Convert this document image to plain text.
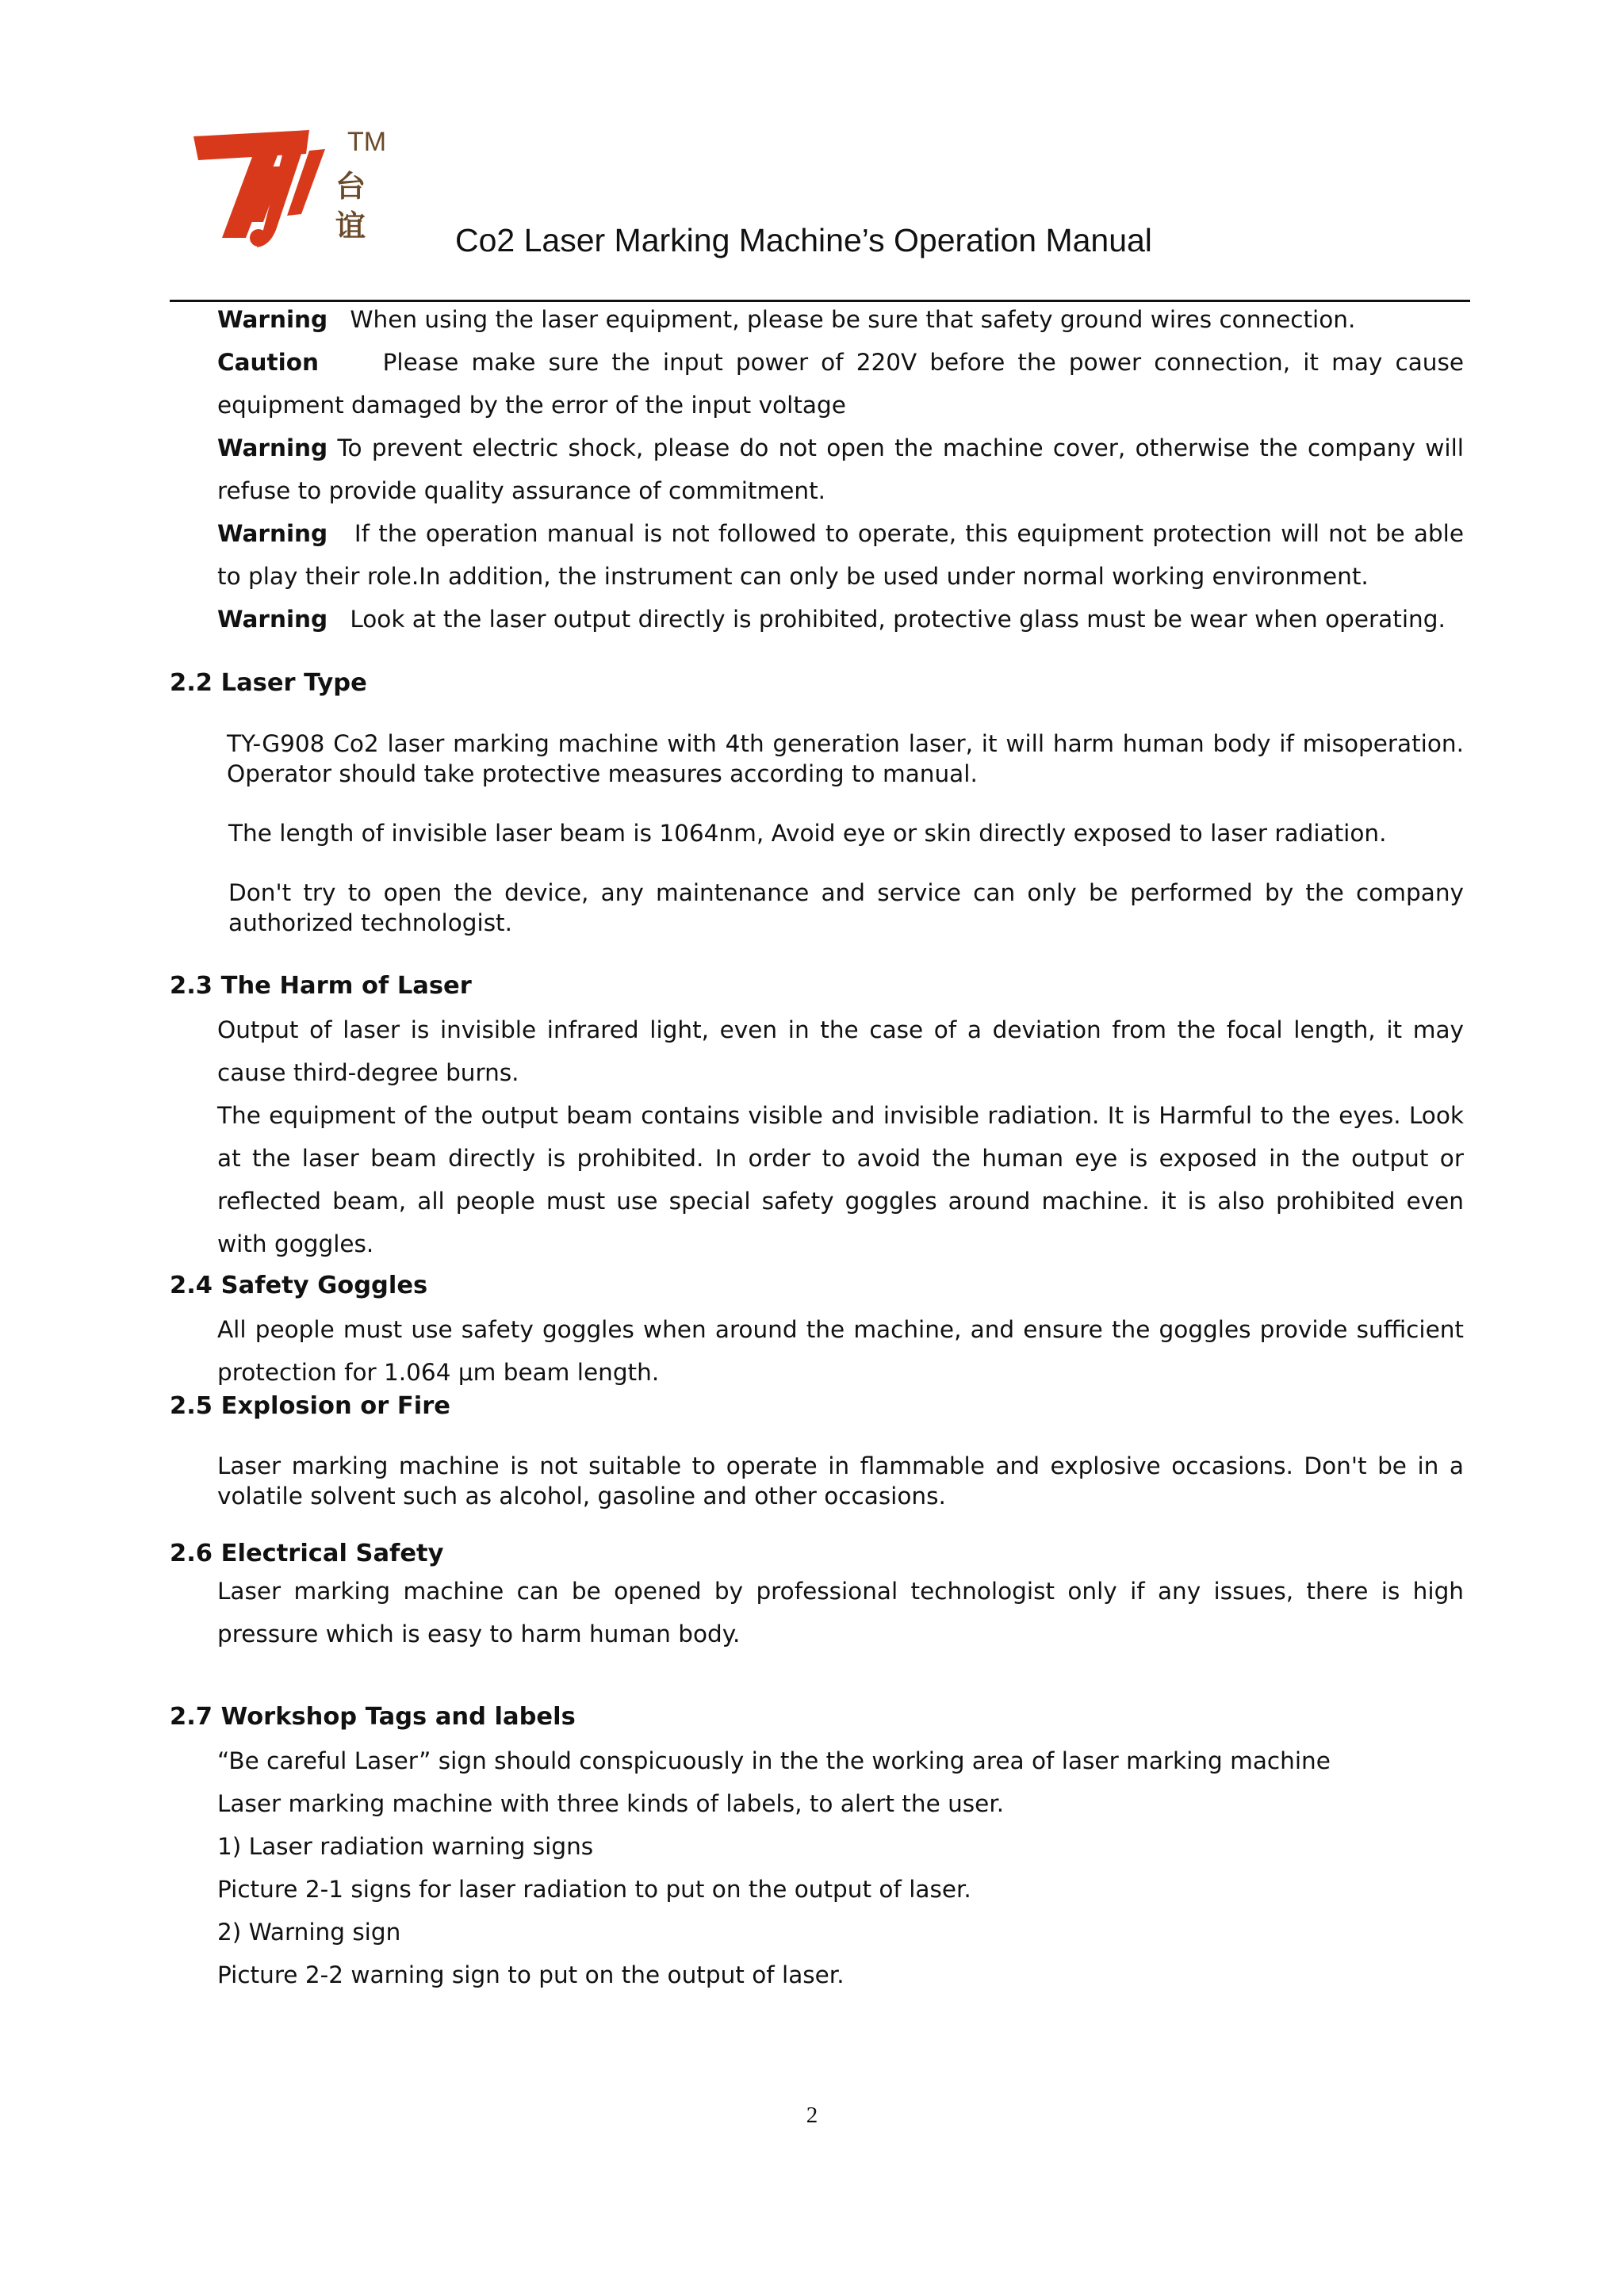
TM
台
谊	Co2 Laser Marking Machine’s Operation Manual
Warning When using the laser equipment, please be sure that safety ground wires connection.
Caution	Please make sure the input power of 220V before the power connection, it may cause equipment damaged by the error of the input voltage
Warning To prevent electric shock, please do not open the machine cover, otherwise the company will refuse to provide quality assurance of commitment.
Warning If the operation manual is not followed to operate, this equipment protection will not be able to play their role.In addition, the instrument can only be used under normal working environment.
Warning Look at the laser output directly is prohibited, protective glass must be wear when operating.
2.2 Laser Type
TY-G908 Co2 laser marking machine with 4th generation laser, it will harm human body if misoperation. Operator should take protective measures according to manual.
The length of invisible laser beam is 1064nm, Avoid eye or skin directly exposed to laser radiation.
Don't try to open the device, any maintenance and service can only be performed by the company authorized technologist.
2.3 The Harm of Laser
Output of laser is invisible infrared light, even in the case of a deviation from the focal length, it may cause third-degree burns.
The equipment of the output beam contains visible and invisible radiation. It is Harmful to the eyes. Look at the laser beam directly is prohibited. In order to avoid the human eye is exposed in the output or reflected beam, all people must use special safety goggles around machine. it is also prohibited even with goggles.
2.4 Safety Goggles
All people must use safety goggles when around the machine, and ensure the goggles provide sufficient protection for 1.064 μm beam length.
2.5 Explosion or Fire
Laser marking machine is not suitable to operate in flammable and explosive occasions. Don't be in a volatile solvent such as alcohol, gasoline and other occasions.
2.6 Electrical Safety
Laser marking machine can be opened by professional technologist only if any issues, there is high pressure which is easy to harm human body.
2.7 Workshop Tags and labels
“Be careful Laser” sign should conspicuously in the the working area of laser marking machine
Laser marking machine with three kinds of labels, to alert the user.
1) Laser radiation warning signs
Picture 2-1 signs for laser radiation to put on the output of laser.
2) Warning sign
Picture 2-2 warning sign to put on the output of laser.
2
